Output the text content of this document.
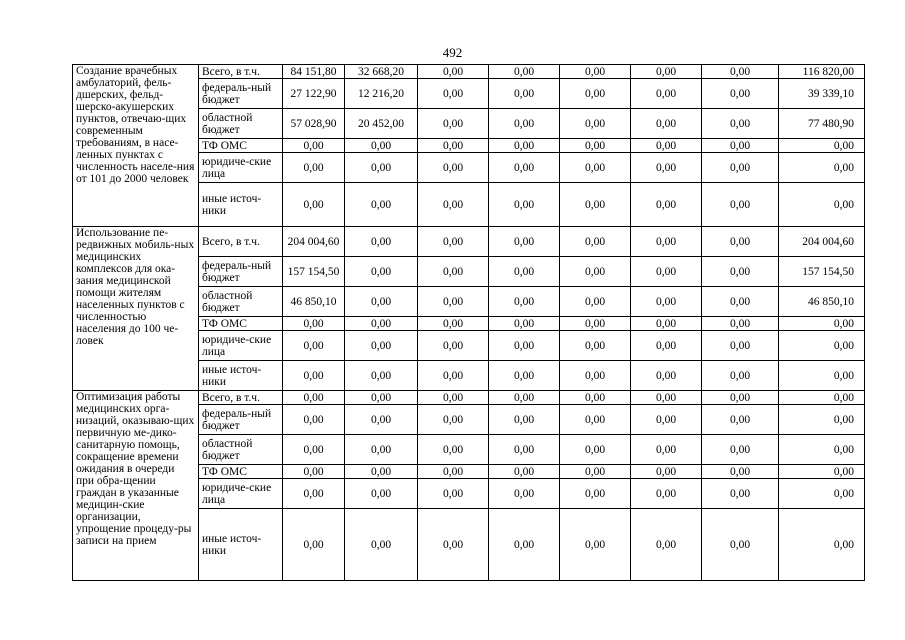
492
Создание врачебных амбулаторий, фель-дшерских, фельд-шерско-акушерских пунктов, отвечаю-щих современным требованиям, в насе-ленных пунктах с численность населе-ния от 101 до 2000 человек	Всего, в т.ч.	84 151,80	32 668,20	0,00	0,00	0,00	0,00	0,00	116 820,00
	федераль-ный бюджет	27 122,90	12 216,20	0,00	0,00	0,00	0,00	0,00	39 339,10
	областной бюджет	57 028,90	20 452,00	0,00	0,00	0,00	0,00	0,00	77 480,90
	ТФ ОМС	0,00	0,00	0,00	0,00	0,00	0,00	0,00	0,00
	юридиче-ские лица	0,00	0,00	0,00	0,00	0,00	0,00	0,00	0,00
	иные источ-ники	0,00	0,00	0,00	0,00	0,00	0,00	0,00	0,00
Использование пе-редвижных мобиль-ных медицинских комплексов для ока-зания медицинской помощи жителям населенных пунктов с численностью населения до 100 че-ловек	Всего, в т.ч.	204 004,60	0,00	0,00	0,00	0,00	0,00	0,00	204 004,60
	федераль-ный бюджет	157 154,50	0,00	0,00	0,00	0,00	0,00	0,00	157 154,50
	областной бюджет	46 850,10	0,00	0,00	0,00	0,00	0,00	0,00	46 850,10
	ТФ ОМС	0,00	0,00	0,00	0,00	0,00	0,00	0,00	0,00
	юридиче-ские лица	0,00	0,00	0,00	0,00	0,00	0,00	0,00	0,00
	иные источ-ники	0,00	0,00	0,00	0,00	0,00	0,00	0,00	0,00
Оптимизация работы медицинских орга-низаций, оказываю-щих первичную ме-дико-санитарную помощь, сокращение времени ожидания в очереди при обра-щении граждан в указанные медицин-ские организации, упрощение процеду-ры записи на прием	Всего, в т.ч.	0,00	0,00	0,00	0,00	0,00	0,00	0,00	0,00
	федераль-ный бюджет	0,00	0,00	0,00	0,00	0,00	0,00	0,00	0,00
	областной бюджет	0,00	0,00	0,00	0,00	0,00	0,00	0,00	0,00
	ТФ ОМС	0,00	0,00	0,00	0,00	0,00	0,00	0,00	0,00
	юридиче-ские лица	0,00	0,00	0,00	0,00	0,00	0,00	0,00	0,00
	иные источ-ники	0,00	0,00	0,00	0,00	0,00	0,00	0,00	0,00
